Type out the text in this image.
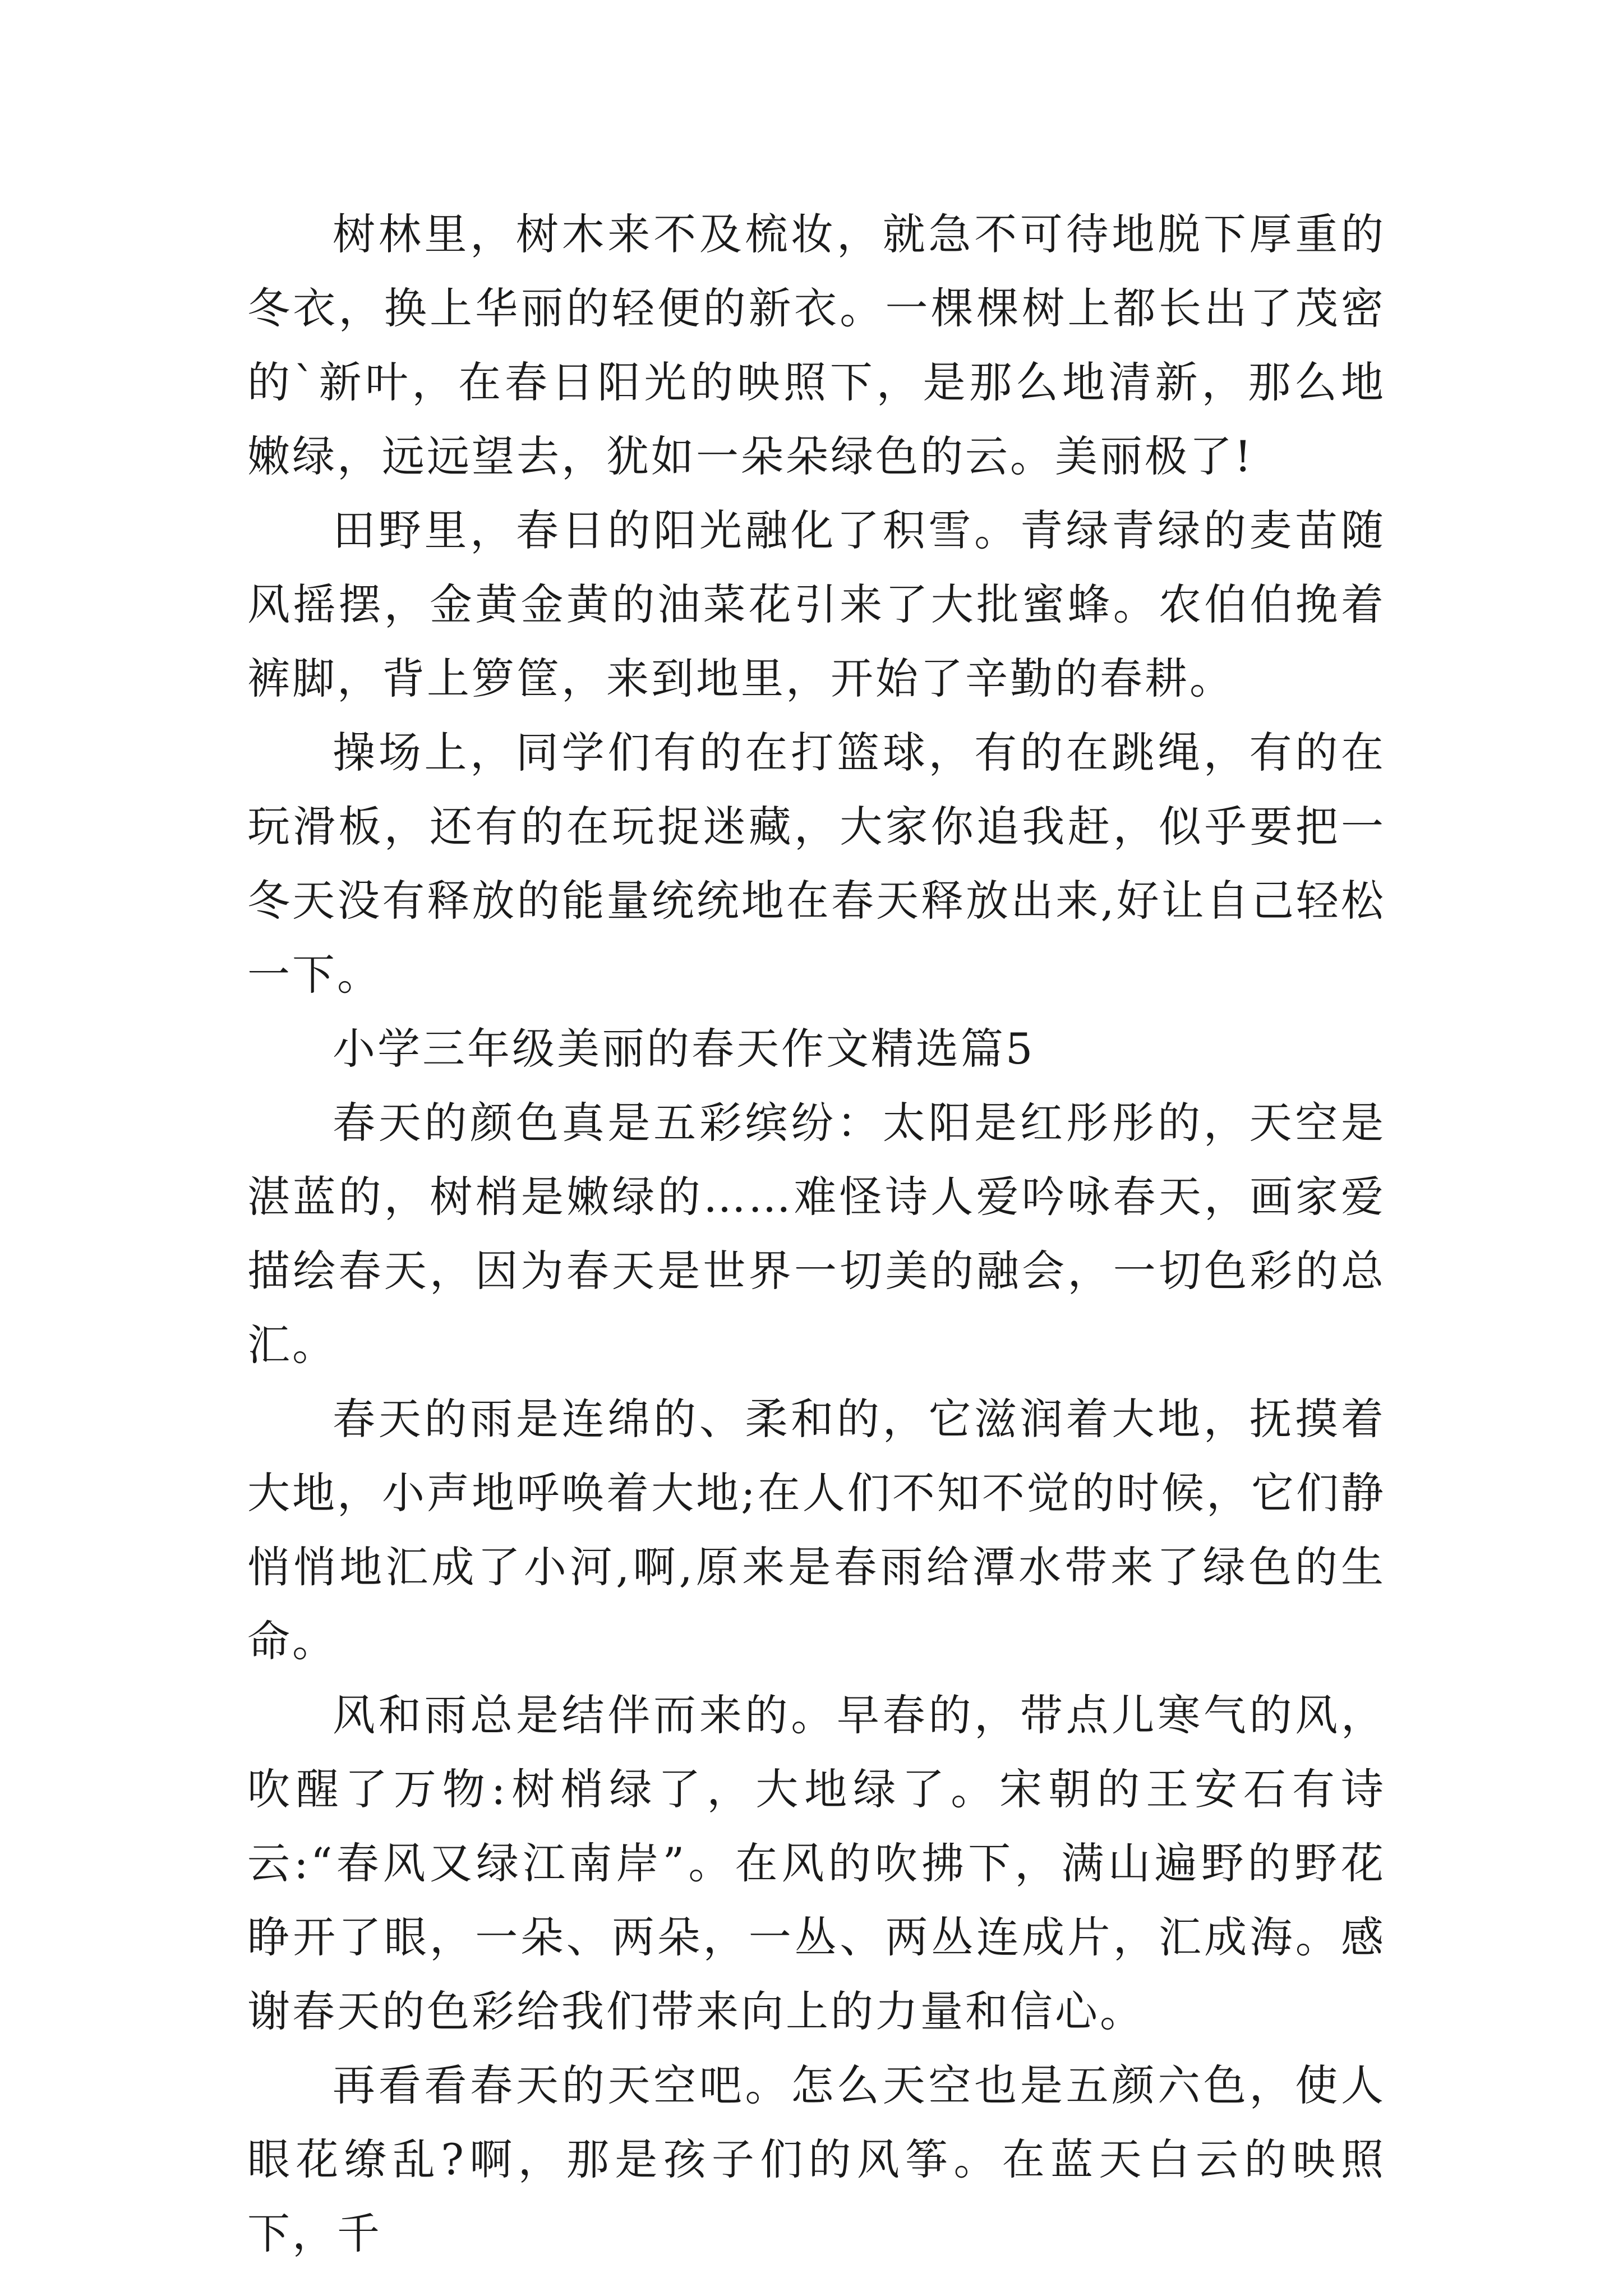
树林里，树木来不及梳妆，就急不可待地脱下厚重的冬衣，换上华丽的轻便的新衣。一棵棵树上都长出了茂密的`新叶，在春日阳光的映照下，是那么地清新，那么地嫩绿，远远望去，犹如一朵朵绿色的云。美丽极了!

田野里，春日的阳光融化了积雪。青绿青绿的麦苗随风摇摆，金黄金黄的油菜花引来了大批蜜蜂。农伯伯挽着裤脚，背上箩筐，来到地里，开始了辛勤的春耕。

操场上，同学们有的在打篮球，有的在跳绳，有的在玩滑板，还有的在玩捉迷藏，大家你追我赶，似乎要把一冬天没有释放的能量统统地在春天释放出来,好让自己轻松一下。

小学三年级美丽的春天作文精选篇5

春天的颜色真是五彩缤纷：太阳是红彤彤的，天空是湛蓝的，树梢是嫩绿的……难怪诗人爱吟咏春天，画家爱描绘春天，因为春天是世界一切美的融会，一切色彩的总汇。

春天的雨是连绵的、柔和的，它滋润着大地，抚摸着大地，小声地呼唤着大地;在人们不知不觉的时候，它们静悄悄地汇成了小河,啊,原来是春雨给潭水带来了绿色的生命。

风和雨总是结伴而来的。早春的，带点儿寒气的风，吹醒了万物:树梢绿了，大地绿了。宋朝的王安石有诗云:“春风又绿江南岸”。在风的吹拂下，满山遍野的野花睁开了眼，一朵、两朵，一丛、两丛连成片，汇成海。感谢春天的色彩给我们带来向上的力量和信心。

再看看春天的天空吧。怎么天空也是五颜六色，使人眼花缭乱?啊，那是孩子们的风筝。在蓝天白云的映照下，千
